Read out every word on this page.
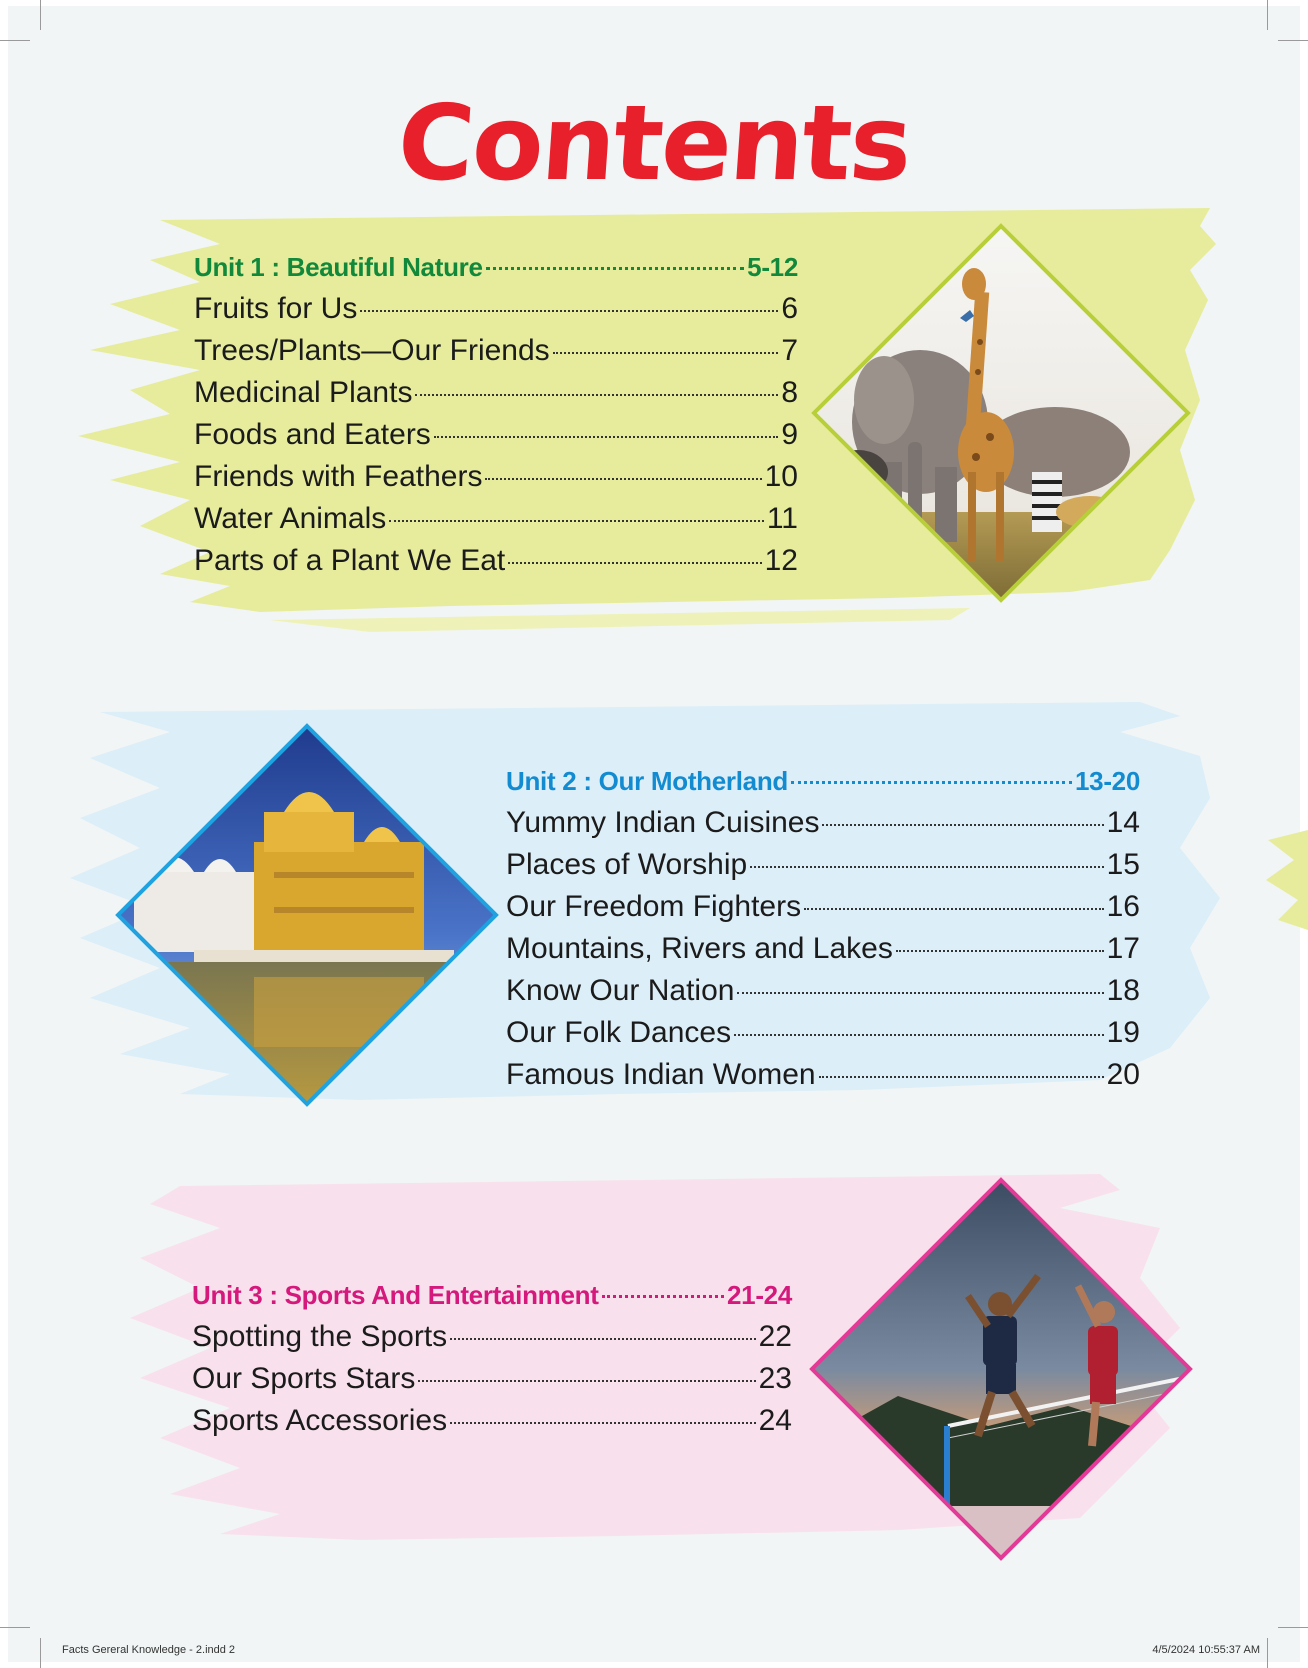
Contents
Unit 1 : Beautiful Nature	5-12
Fruits for Us	6
Trees/Plants—Our Friends	7
Medicinal Plants	8
Foods and Eaters	9
Friends with Feathers	10
Water Animals	11
Parts of a Plant We Eat	12
Unit 2 : Our Motherland	13-20
Yummy Indian Cuisines	14
Places of Worship	15
Our Freedom Fighters	16
Mountains, Rivers and Lakes	17
Know Our Nation	18
Our Folk Dances	19
Famous Indian Women	20
Unit 3 : Sports And Entertainment	21-24
Spotting the Sports	22
Our Sports Stars	23
Sports Accessories	24
Facts Gereral Knowledge - 2.indd 2	4/5/2024 10:55:37 AM
